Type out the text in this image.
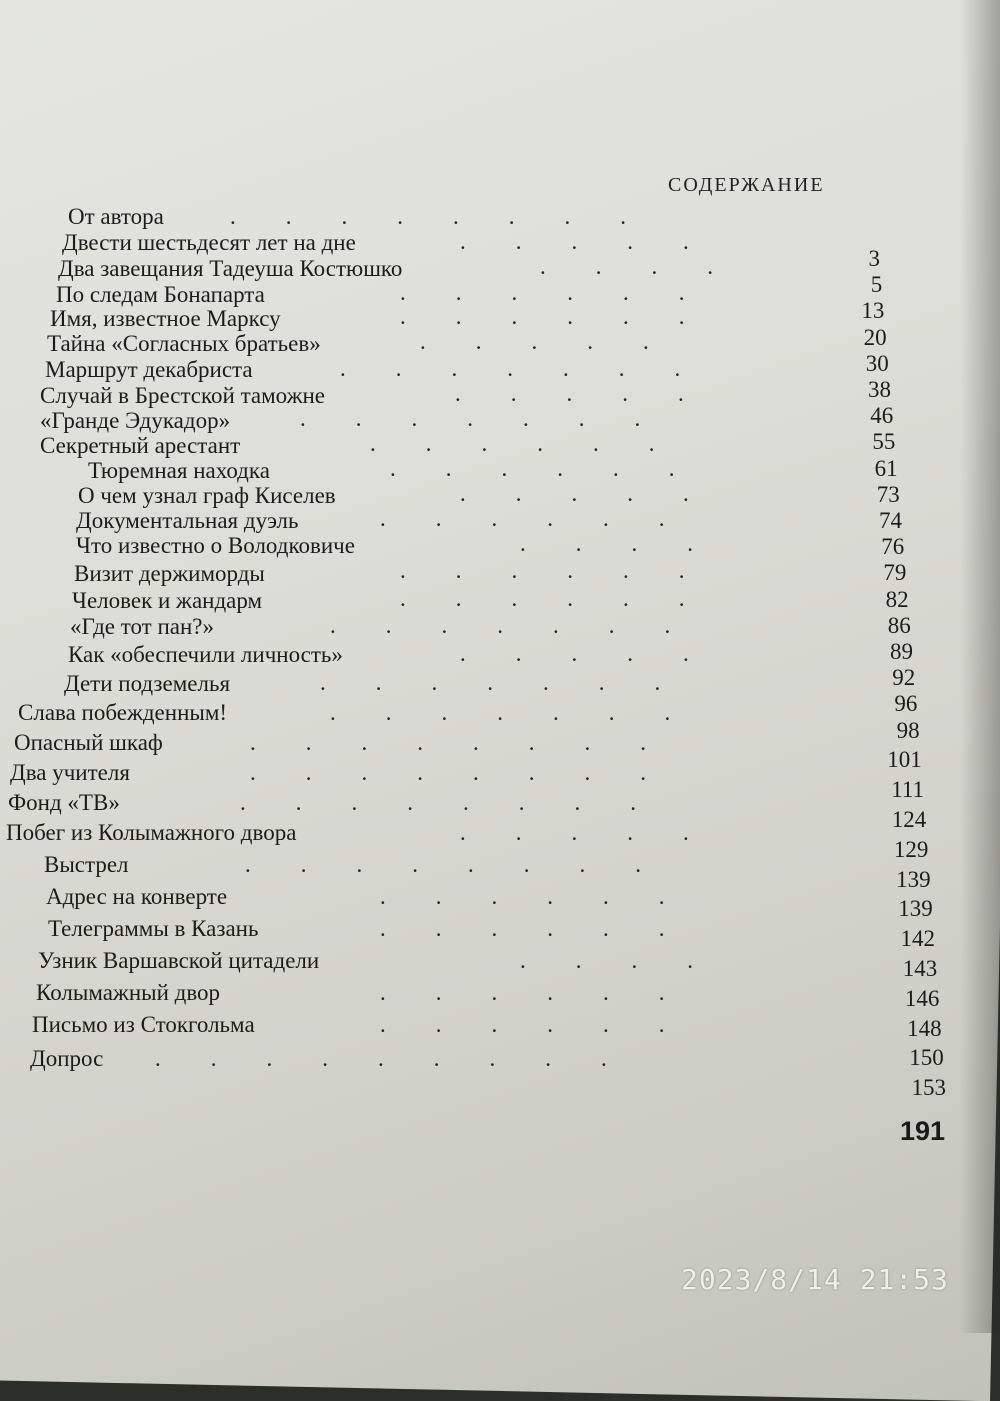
СОДЕРЖАНИЕ
От автора
Двести шестьдесят лет на дне
Два завещания Тадеуша Костюшко
По следам Бонапарта
Имя, известное Марксу
Тайна «Согласных братьев»
Маршрут декабриста
Случай в Брестской таможне
«Гранде Эдукадор»
Секретный арестант
Тюремная находка
О чем узнал граф Киселев
Документальная дуэль
Что известно о Володковиче
Визит держиморды
Человек и жандарм
«Где тот пан?»
Как «обеспечили личность»
Дети подземелья
Слава побежденным!
Опасный шкаф
Два учителя
Фонд «ТВ»
Побег из Колымажного двора
Выстрел
Адрес на конверте
Телеграммы в Казань
Узник Варшавской цитадели
Колымажный двор
Письмо из Стокгольма
Допрос
3
5
13
20
30
38
46
55
61
73
74
76
79
82
86
89
92
96
98
101
111
124
129
139
139
142
143
146
148
150
153
........
.....
....
......
......
.....
.......
.....
.......
......
......
.....
......
....
......
......
.......
.....
.......
.......
........
........
........
.....
........
......
......
....
......
......
.........
191
2023/8/14 21:53
